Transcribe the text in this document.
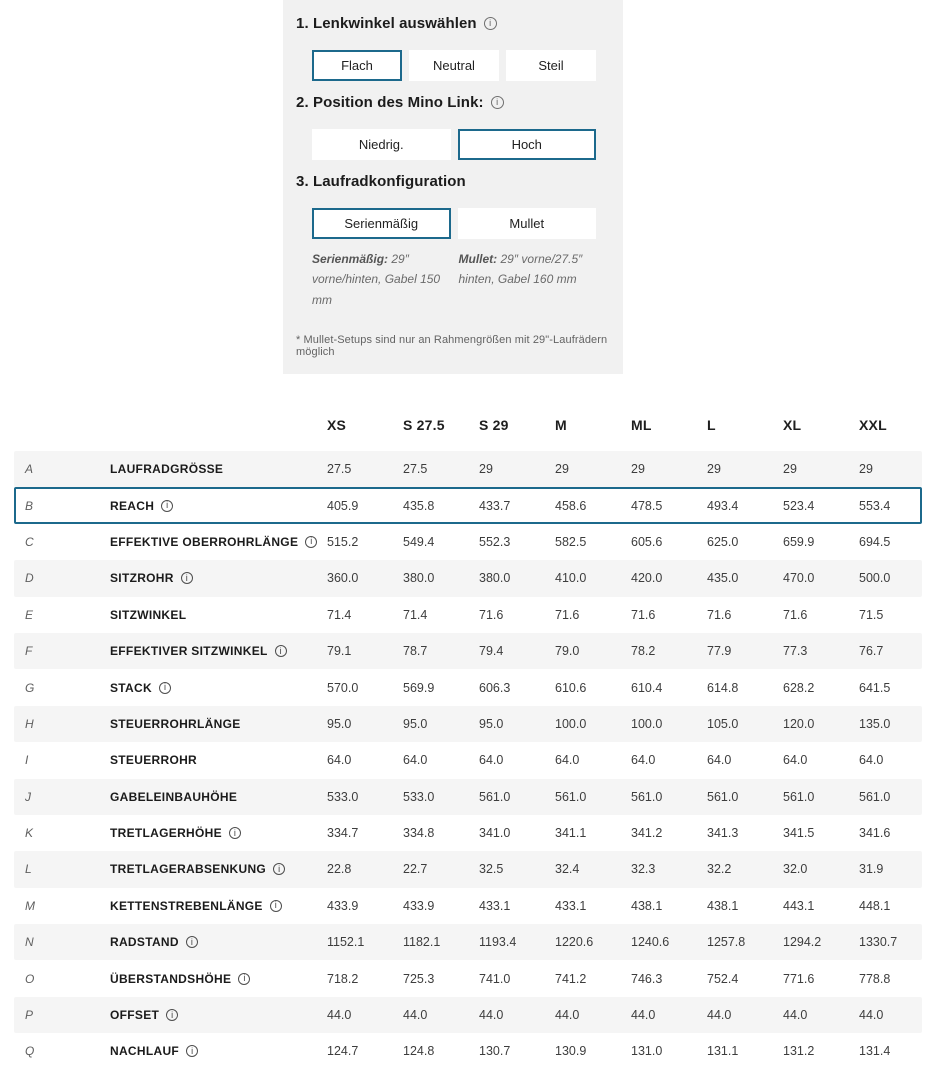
1. Lenkwinkel auswählen	i
Flach	Neutral	Steil
2. Position des Mino Link:	i
Niedrig.	Hoch
3. Laufradkonfiguration
Serienmäßig	Mullet

Serienmäßig: 29″ vorne/hinten, Gabel 150 mm

Mullet: 29″ vorne/27.5″ hinten, Gabel 160 mm

* Mullet-Setups sind nur an Rahmengrößen mit 29"-Laufrädern möglich

XS	S 27.5	S 29	M	ML	L	XL	XXL
A	LAUFRADGRÖSSE	27.5	27.5	29	29	29	29	29	29
B	REACH	i	405.9	435.8	433.7	458.6	478.5	493.4	523.4	553.4
C	EFFEKTIVE OBERROHRLÄNGE	i	515.2	549.4	552.3	582.5	605.6	625.0	659.9	694.5
D	SITZROHR	i	360.0	380.0	380.0	410.0	420.0	435.0	470.0	500.0
E	SITZWINKEL	71.4	71.4	71.6	71.6	71.6	71.6	71.6	71.5
F	EFFEKTIVER SITZWINKEL	i	79.1	78.7	79.4	79.0	78.2	77.9	77.3	76.7
G	STACK	i	570.0	569.9	606.3	610.6	610.4	614.8	628.2	641.5
H	STEUERROHRLÄNGE	95.0	95.0	95.0	100.0	100.0	105.0	120.0	135.0
I	STEUERROHR	64.0	64.0	64.0	64.0	64.0	64.0	64.0	64.0
J	GABELEINBAUHÖHE	533.0	533.0	561.0	561.0	561.0	561.0	561.0	561.0
K	TRETLAGERHÖHE	i	334.7	334.8	341.0	341.1	341.2	341.3	341.5	341.6
L	TRETLAGERABSENKUNG	i	22.8	22.7	32.5	32.4	32.3	32.2	32.0	31.9
M	KETTENSTREBENLÄNGE	i	433.9	433.9	433.1	433.1	438.1	438.1	443.1	448.1
N	RADSTAND	i	1152.1	1182.1	1193.4	1220.6	1240.6	1257.8	1294.2	1330.7
O	ÜBERSTANDSHÖHE	i	718.2	725.3	741.0	741.2	746.3	752.4	771.6	778.8
P	OFFSET	i	44.0	44.0	44.0	44.0	44.0	44.0	44.0	44.0
Q	NACHLAUF	i	124.7	124.8	130.7	130.9	131.0	131.1	131.2	131.4
